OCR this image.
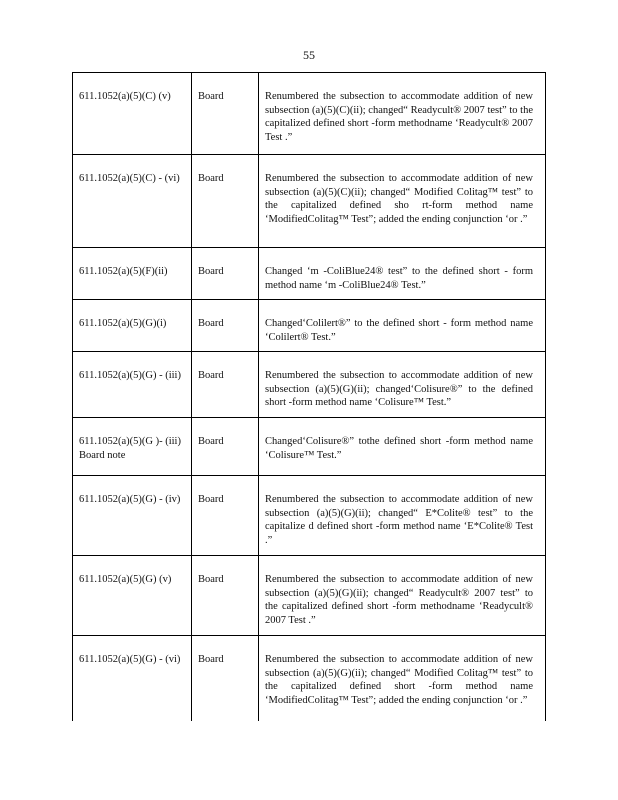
55
611.1052(a)(5)(C) (v)	Board	Renumbered the subsection to accommodate addition of new subsection (a)(5)(C)(ii); changed“ Readycult® 2007 test” to the capitalized defined short -form methodname ‘Readycult® 2007 Test .”
611.1052(a)(5)(C) - (vi)	Board	Renumbered the subsection to accommodate addition of new subsection (a)(5)(C)(ii); changed“ Modified Colitag™ test” to the capitalized defined sho rt-form method name ‘ModifiedColitag™ Test”; added the ending conjunction ‘or .”
611.1052(a)(5)(F)(ii)	Board	Changed ‘m -ColiBlue24® test” to the defined short - form method name ‘m -ColiBlue24® Test.”
611.1052(a)(5)(G)(i)	Board	Changed‘Colilert®” to the defined short - form method name ‘Colilert® Test.”
611.1052(a)(5)(G) - (iii)	Board	Renumbered the subsection to accommodate addition of new subsection (a)(5)(G)(ii); changed‘Colisure®” to the defined short -form method name ‘Colisure™ Test.”
611.1052(a)(5)(G )- (iii) Board note	Board	Changed‘Colisure®” tothe defined short -form method name ‘Colisure™ Test.”
611.1052(a)(5)(G) - (iv)	Board	Renumbered the subsection to accommodate addition of new subsection (a)(5)(G)(ii); changed“ E*Colite® test” to the capitalize d defined short -form method name ‘E*Colite® Test .”
611.1052(a)(5)(G) (v)	Board	Renumbered the subsection to accommodate addition of new subsection (a)(5)(G)(ii); changed“ Readycult® 2007 test” to the capitalized defined short -form methodname ‘Readycult® 2007 Test .”
611.1052(a)(5)(G) - (vi)	Board	Renumbered the subsection to accommodate addition of new subsection (a)(5)(G)(ii); changed“ Modified Colitag™ test” to the capitalized defined short -form method name ‘ModifiedColitag™ Test”; added the ending conjunction ‘or .”
